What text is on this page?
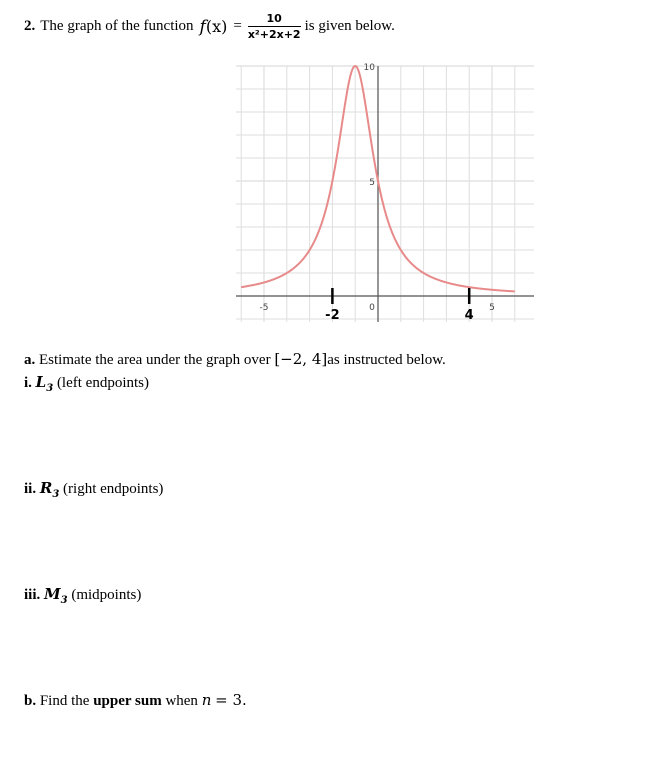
2. The graph of the function f $(x) = \frac{10}{\text{x²+2x+2}}$ is given below.
10
5
-5	0	5
-2	4
a. Estimate the area under the graph over [−2, 4]as instructed below.
i. $L_3$ (left endpoints)
ii. $R_3$ (right endpoints)
iii. $M_3$ (midpoints)
b. Find the upper sum when n = 3.
